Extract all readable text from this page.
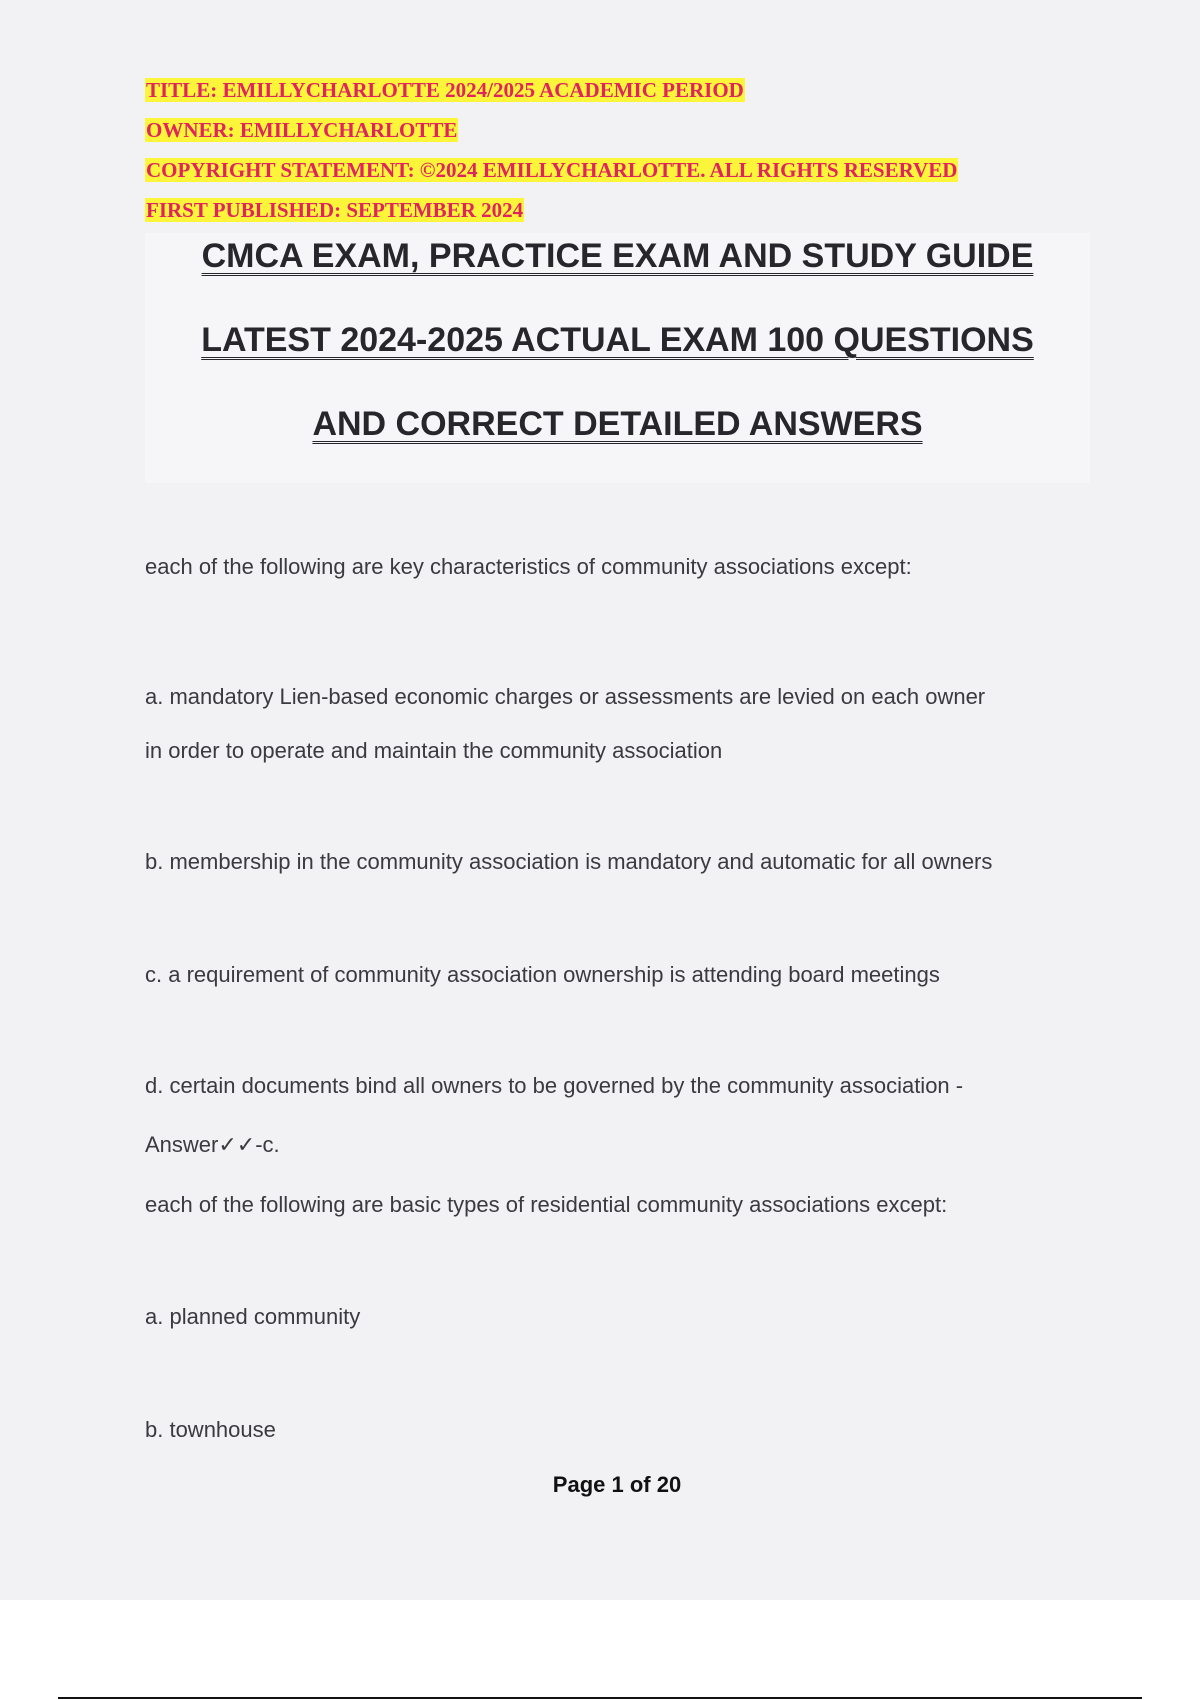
TITLE: EMILLYCHARLOTTE 2024/2025 ACADEMIC PERIOD
OWNER: EMILLYCHARLOTTE
COPYRIGHT STATEMENT: ©2024 EMILLYCHARLOTTE. ALL RIGHTS RESERVED
FIRST PUBLISHED: SEPTEMBER 2024
CMCA EXAM, PRACTICE EXAM AND STUDY GUIDE
LATEST 2024-2025 ACTUAL EXAM 100 QUESTIONS
AND CORRECT DETAILED ANSWERS
each of the following are key characteristics of community associations except:
a. mandatory Lien-based economic charges or assessments are levied on each owner
in order to operate and maintain the community association
b. membership in the community association is mandatory and automatic for all owners
c. a requirement of community association ownership is attending board meetings
d. certain documents bind all owners to be governed by the community association -
Answer✓✓-c.
each of the following are basic types of residential community associations except:
a. planned community
b. townhouse
Page 1 of 20
